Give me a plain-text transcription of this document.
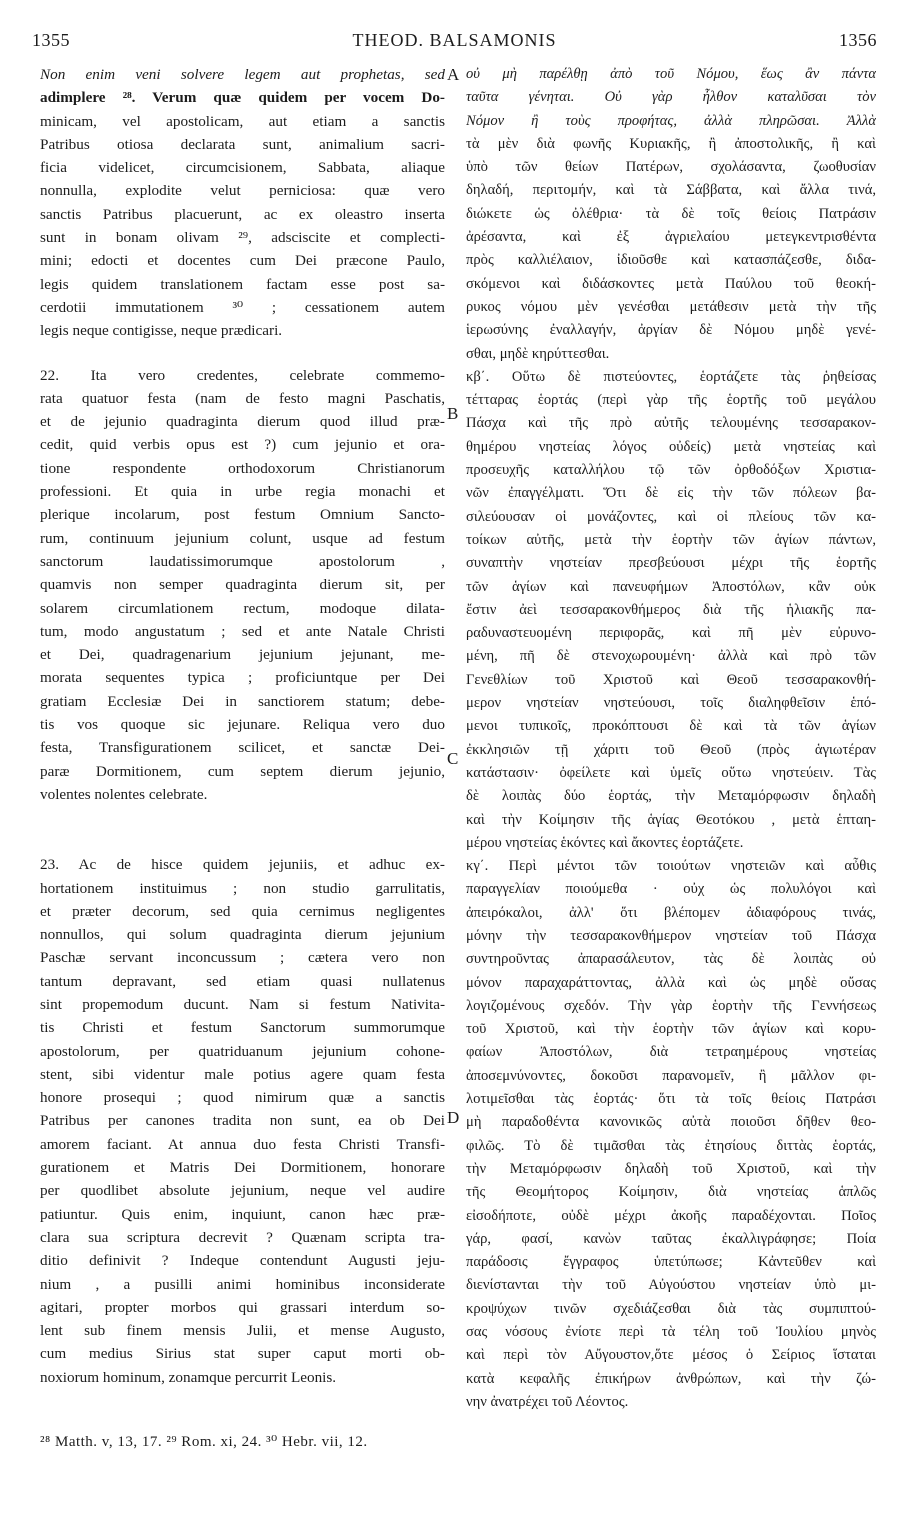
1355	THEOD. BALSAMONIS	1356
A
B
C
D
Non enim veni solvere legem aut prophetas, sed
adimplere ²⁸. Verum quæ quidem per vocem Do-
minicam, vel apostolicam, aut etiam a sanctis
Patribus otiosa declarata sunt, animalium sacri-
ficia videlicet, circumcisionem, Sabbata, aliaque
nonnulla, explodite velut perniciosa: quæ vero
sanctis Patribus placuerunt, ac ex oleastro inserta
sunt in bonam olivam ²⁹, adsciscite et complecti-
mini; edocti et docentes cum Dei præcone Paulo,
legis quidem translationem factam esse post sa-
cerdotii immutationem ³⁰ ; cessationem autem
legis neque contigisse, neque prædicari.
22. Ita vero credentes, celebrate commemo-
rata quatuor festa (nam de festo magni Paschatis,
et de jejunio quadraginta dierum quod illud præ-
cedit, quid verbis opus est ?) cum jejunio et ora-
tione respondente orthodoxorum Christianorum
professioni. Et quia in urbe regia monachi et
plerique incolarum, post festum Omnium Sancto-
rum, continuum jejunium colunt, usque ad festum
sanctorum laudatissimorumque apostolorum ,
quamvis non semper quadraginta dierum sit, per
solarem circumlationem rectum, modoque dilata-
tum, modo angustatum ; sed et ante Natale Christi
et Dei, quadragenarium jejunium jejunant, me-
morata sequentes typica ; proficiuntque per Dei
gratiam Ecclesiæ Dei in sanctiorem statum; debe-
tis vos quoque sic jejunare. Reliqua vero duo
festa, Transfigurationem scilicet, et sanctæ Dei-
paræ Dormitionem, cum septem dierum jejunio,
volentes nolentes celebrate.
23. Ac de hisce quidem jejuniis, et adhuc ex-
hortationem instituimus ; non studio garrulitatis,
et præter decorum, sed quia cernimus negligentes
nonnullos, qui solum quadraginta dierum jejunium
Paschæ servant inconcussum ; cætera vero non
tantum depravant, sed etiam quasi nullatenus
sint propemodum ducunt. Nam si festum Nativita-
tis Christi et festum Sanctorum summorumque
apostolorum, per quatriduanum jejunium cohone-
stent, sibi videntur male potius agere quam festa
honore prosequi ; quod nimirum quæ a sanctis
Patribus per canones tradita non sunt, ea ob Dei
amorem faciant. At annua duo festa Christi Transfi-
gurationem et Matris Dei Dormitionem, honorare
per quodlibet absolute jejunium, neque vel audire
patiuntur. Quis enim, inquiunt, canon hæc præ-
clara sua scriptura decrevit ? Quænam scripta tra-
ditio definivit ? Indeque contendunt Augusti jeju-
nium , a pusilli animi hominibus inconsiderate
agitari, propter morbos qui grassari interdum so-
lent sub finem mensis Julii, et mense Augusto,
cum medius Sirius stat super caput morti ob-
noxiorum hominum, zonamque percurrit Leonis.
οὐ μὴ παρέλθῃ ἀπὸ τοῦ Νόμου, ἕως ἂν πάντα
ταῦτα γένηται. Οὐ γὰρ ἦλθον καταλῦσαι τὸν
Νόμον ἢ τοὺς προφήτας, ἀλλὰ πληρῶσαι. Ἀλλὰ
τὰ μὲν διὰ φωνῆς Κυριακῆς, ἢ ἀποστολικῆς, ἢ καὶ
ὑπὸ τῶν θείων Πατέρων, σχολάσαντα, ζωοθυσίαν
δηλαδή, περιτομήν, καὶ τὰ Σάββατα, καὶ ἄλλα τινά,
διώκετε ὡς ὀλέθρια· τὰ δὲ τοῖς θείοις Πατράσιν
ἀρέσαντα, καὶ ἐξ ἀγριελαίου μετεγκεντρισθέντα
πρὸς καλλιέλαιον, ἰδιοῦσθε καὶ κατασπάζεσθε, διδα-
σκόμενοι καὶ διδάσκοντες μετὰ Παύλου τοῦ θεοκή-
ρυκος νόμου μὲν γενέσθαι μετάθεσιν μετὰ τὴν τῆς
ἱερωσύνης ἐναλλαγήν, ἀργίαν δὲ Νόμου μηδὲ γενέ-
σθαι, μηδὲ κηρύττεσθαι.
κβ΄. Οὕτω δὲ πιστεύοντες, ἑορτάζετε τὰς ῥηθείσας
τέτταρας ἑορτάς (περὶ γὰρ τῆς ἑορτῆς τοῦ μεγάλου
Πάσχα καὶ τῆς πρὸ αὐτῆς τελουμένης τεσσαρακον-
θημέρου νηστείας λόγος οὐδείς) μετὰ νηστείας καὶ
προσευχῆς καταλλήλου τῷ τῶν ὀρθοδόξων Χριστια-
νῶν ἐπαγγέλματι. Ὅτι δὲ εἰς τὴν τῶν πόλεων βα-
σιλεύουσαν οἱ μονάζοντες, καὶ οἱ πλείους τῶν κα-
τοίκων αὐτῆς, μετὰ τὴν ἑορτὴν τῶν ἁγίων πάντων,
συναπτὴν νηστείαν πρεσβεύουσι μέχρι τῆς ἑορτῆς
τῶν ἁγίων καὶ πανευφήμων Ἀποστόλων, κἂν οὐκ
ἔστιν ἀεὶ τεσσαρακονθήμερος διὰ τῆς ἡλιακῆς πα-
ραδυναστευομένη περιφορᾶς, καὶ πῆ μὲν εὐρυνο-
μένη, πῆ δὲ στενοχωρουμένη· ἀλλὰ καὶ πρὸ τῶν
Γενεθλίων τοῦ Χριστοῦ καὶ Θεοῦ τεσσαρακονθή-
μερον νηστείαν νηστεύουσι, τοῖς διαληφθεῖσιν ἑπό-
μενοι τυπικοῖς, προκόπτουσι δὲ καὶ τὰ τῶν ἁγίων
ἐκκλησιῶν τῇ χάριτι τοῦ Θεοῦ (πρὸς ἁγιωτέραν
κατάστασιν· ὀφείλετε καὶ ὑμεῖς οὕτω νηστεύειν. Τὰς
δὲ λοιπὰς δύο ἑορτάς, τὴν Μεταμόρφωσιν δηλαδὴ
καὶ τὴν Κοίμησιν τῆς ἁγίας Θεοτόκου , μετὰ ἑπταη-
μέρου νηστείας ἑκόντες καὶ ἄκοντες ἑορτάζετε.
κγ΄. Περὶ μέντοι τῶν τοιούτων νηστειῶν καὶ αὖθις
παραγγελίαν ποιούμεθα · οὐχ ὡς πολυλόγοι καὶ
ἀπειρόκαλοι, ἀλλ' ὅτι βλέπομεν ἀδιαφόρους τινάς,
μόνην τὴν τεσσαρακονθήμερον νηστείαν τοῦ Πάσχα
συντηροῦντας ἀπαρασάλευτον, τὰς δὲ λοιπὰς οὐ
μόνον παραχαράττοντας, ἀλλὰ καὶ ὡς μηδὲ οὔσας
λογιζομένους σχεδόν. Τὴν γὰρ ἑορτὴν τῆς Γεννήσεως
τοῦ Χριστοῦ, καὶ τὴν ἑορτὴν τῶν ἁγίων καὶ κορυ-
φαίων Ἀποστόλων, διὰ τετραημέρους νηστείας
ἀποσεμνύνοντες, δοκοῦσι παρανομεῖν, ἢ μᾶλλον φι-
λοτιμεῖσθαι τὰς ἑορτάς· ὅτι τὰ τοῖς θείοις Πατράσι
μὴ παραδοθέντα κανονικῶς αὐτὰ ποιοῦσι δῆθεν θεο-
φιλῶς. Τὸ δὲ τιμᾶσθαι τὰς ἐτησίους διττὰς ἑορτάς,
τὴν Μεταμόρφωσιν δηλαδὴ τοῦ Χριστοῦ, καὶ τὴν
τῆς Θεομήτορος Κοίμησιν, διὰ νηστείας ἁπλῶς
εἰσοδήποτε, οὐδὲ μέχρι ἀκοῆς παραδέχονται. Ποῖος
γάρ, φασί, κανὼν ταῦτας ἐκαλλιγράφησε; Ποία
παράδοσις ἔγγραφος ὑπετύπωσε; Κἀντεῦθεν καὶ
διενίστανται τὴν τοῦ Αὐγούστου νηστείαν ὑπὸ μι-
κροψύχων τινῶν σχεδιάζεσθαι διὰ τὰς συμπιπτού-
σας νόσους ἐνίοτε περὶ τὰ τέλη τοῦ Ἰουλίου μηνὸς
καὶ περὶ τὸν Αὔγουστον,ὅτε μέσος ὁ Σείριος ἵσταται
κατὰ κεφαλῆς ἐπικήρων ἀνθρώπων, καὶ τὴν ζώ-
νην ἀνατρέχει τοῦ Λέοντος.
²⁸ Matth. v, 13, 17. ²⁹ Rom. xi, 24. ³⁰ Hebr. vii, 12.
